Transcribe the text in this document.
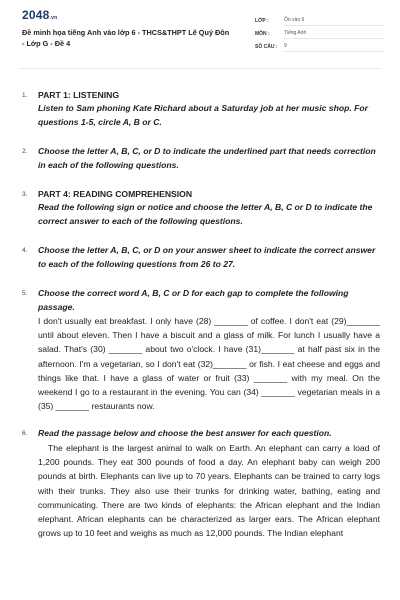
2048.vn
Đề minh họa tiếng Anh vào lớp 6 - THCS&THPT Lê Quý Đôn - Lớp G - Đề 4
LỚP :	Ôn vào 6
MÔN :	Tiếng Anh
SỐ CÂU :	9
1.	PART 1: LISTENING

Listen to Sam phoning Kate Richard about a Saturday job at her music shop. For questions 1-5, circle A, B or C.

2.	Choose the letter A, B, C, or D to indicate the underlined part that needs correction in each of the following questions.

3.	PART 4: READING COMPREHENSION

Read the following sign or notice and choose the letter A, B, C or D to indicate the correct answer to each of the following questions.

4.	Choose the letter A, B, C, or D on your answer sheet to indicate the correct answer to each of the following questions from 26 to 27.

5.	Choose the correct word A, B, C or D for each gap to complete the following passage.

I don't usually eat breakfast. I only have (28) _______ of coffee. I don't eat (29)_______ until about eleven. Then I have a biscuit and a glass of milk. For lunch I usually have a salad. That's (30) _______ about two o'clock. I have (31)_______ at half past six in the afternoon. I'm a vegetarian, so I don't eat (32)_______ or fish. I eat cheese and eggs and things like that. I have a glass of water or fruit (33) _______ with my meal. On the weekend I go to a restaurant in the evening. You can (34) _______ vegetarian meals in a (35) _______ restaurants now.

6.	Read the passage below and choose the best answer for each question.

The elephant is the largest animal to walk on Earth. An elephant can carry a load of 1,200 pounds. They eat 300 pounds of food a day. An elephant baby can weigh 200 pounds at birth. Elephants can live up to 70 years. Elephants can be trained to carry logs with their trunks. They also use their trunks for drinking water, bathing, eating and communicating. There are two kinds of elephants: the African elephant and the Indian elephant. African elephants can be characterized as larger ears. The African elephant grows up to 10 feet and weighs as much as 12,000 pounds. The Indian elephant
